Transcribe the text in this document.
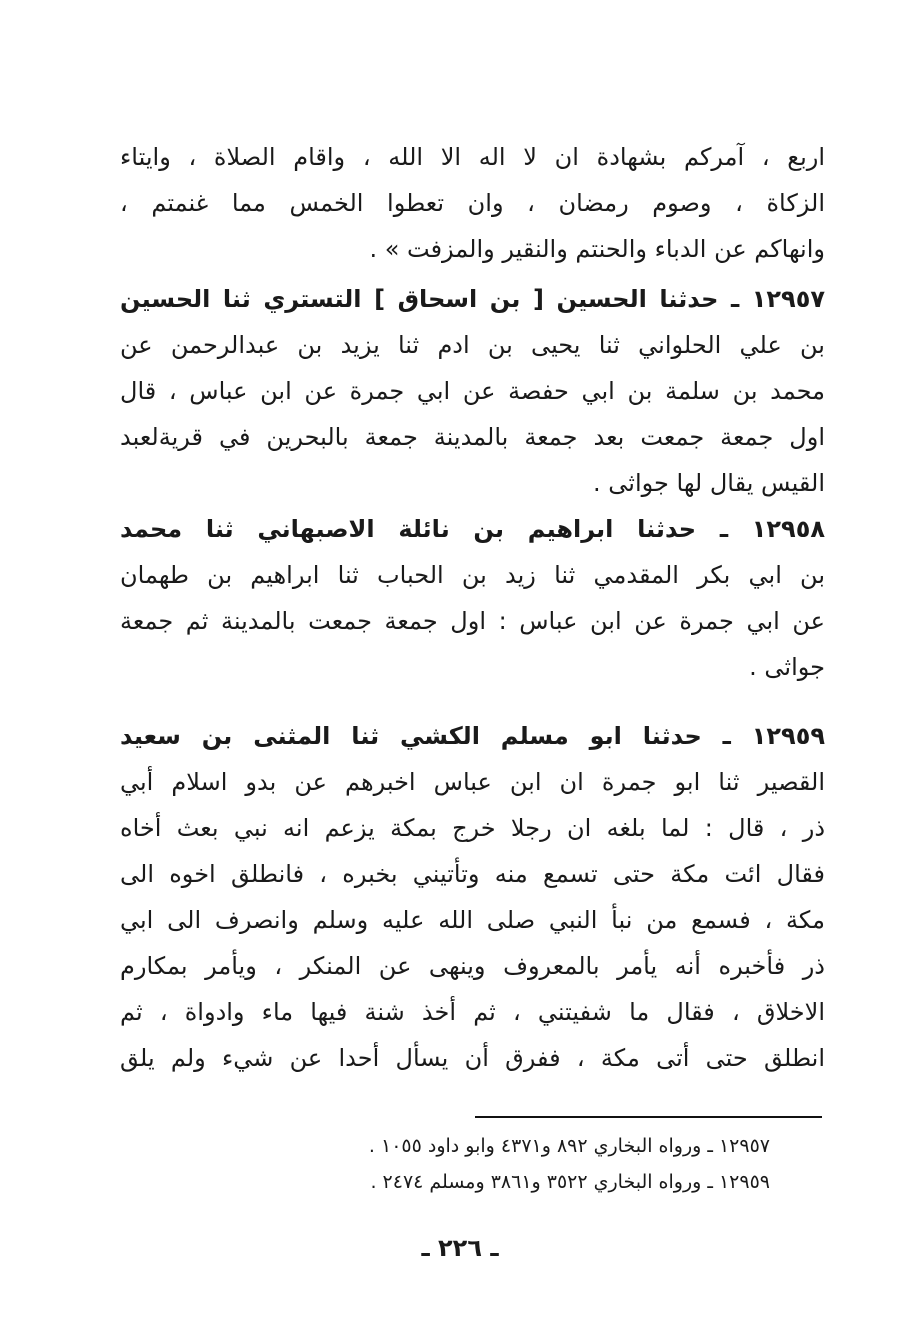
اربع ، آمركم بشهادة ان لا اله الا الله ، واقام الصلاة ، وايتاء
الزكاة ، وصوم رمضان ، وان تعطوا الخمس مما غنمتم ،
وانهاكم عن الدباء والحنتم والنقير والمزفت » .
١٢٩٥٧ ـ حدثنا الحسين [ بن اسحاق ] التستري ثنا الحسين
بن علي الحلواني ثنا يحيى بن ادم ثنا يزيد بن عبدالرحمن عن
محمد بن سلمة بن ابي حفصة عن ابي جمرة عن ابن عباس ، قال
اول جمعة جمعت بعد جمعة بالمدينة جمعة بالبحرين في قريةلعبد
القيس يقال لها جواثى .
١٢٩٥٨ ـ حدثنا ابراهيم بن نائلة الاصبهاني ثنا محمد
بن ابي بكر المقدمي ثنا زيد بن الحباب ثنا ابراهيم بن طهمان
عن ابي جمرة عن ابن عباس : اول جمعة جمعت بالمدينة ثم جمعة
جواثى .
١٢٩٥٩ ـ حدثنا ابو مسلم الكشي ثنا المثنى بن سعيد
القصير ثنا ابو جمرة ان ابن عباس اخبرهم عن بدو اسلام أبي
ذر ، قال : لما بلغه ان رجلا خرج بمكة يزعم انه نبي بعث أخاه
فقال ائت مكة حتى تسمع منه وتأتيني بخبره ، فانطلق اخوه الى
مكة ، فسمع من نبأ النبي صلى الله عليه وسلم وانصرف الى ابي
ذر فأخبره أنه يأمر بالمعروف وينهى عن المنكر ، ويأمر بمكارم
الاخلاق ، فقال ما شفيتني ، ثم أخذ شنة فيها ماء وادواة ، ثم
انطلق حتى أتى مكة ، ففرق أن يسأل أحدا عن شيء ولم يلق
١٢٩٥٧ ـ ورواه البخاري ٨٩٢ و٤٣٧١ وابو داود ١٠٥٥ .
١٢٩٥٩ ـ ورواه البخاري ٣٥٢٢ و٣٨٦١ ومسلم ٢٤٧٤ .
ـ ٢٢٦ ـ
